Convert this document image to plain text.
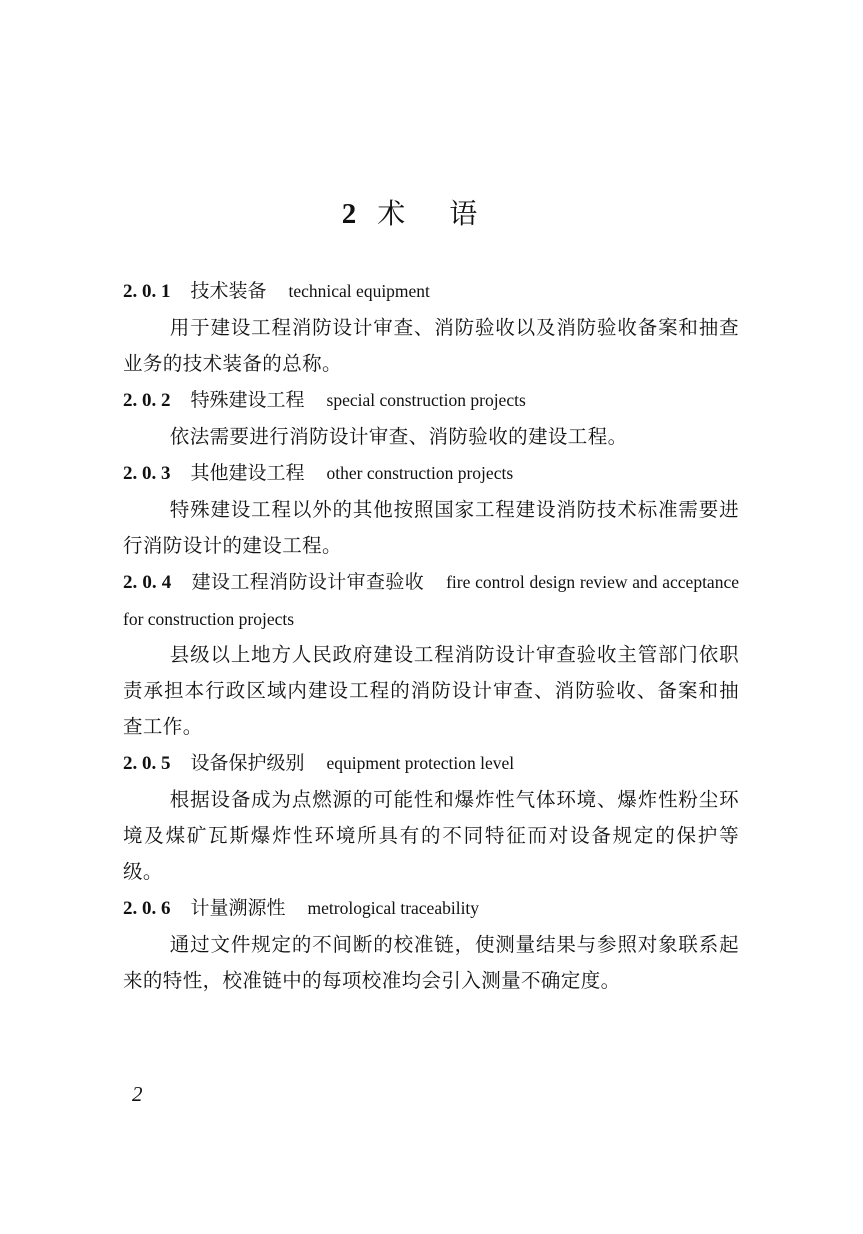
2 术语
2. 0. 1 技术装备 technical equipment
用于建设工程消防设计审查、消防验收以及消防验收备案和抽查业务的技术装备的总称。
2. 0. 2 特殊建设工程 special construction projects
依法需要进行消防设计审查、消防验收的建设工程。
2. 0. 3 其他建设工程 other construction projects
特殊建设工程以外的其他按照国家工程建设消防技术标准需要进行消防设计的建设工程。
2. 0. 4 建设工程消防设计审查验收 fire control design review and acceptance for construction projects
县级以上地方人民政府建设工程消防设计审查验收主管部门依职责承担本行政区域内建设工程的消防设计审查、消防验收、备案和抽查工作。
2. 0. 5 设备保护级别 equipment protection level
根据设备成为点燃源的可能性和爆炸性气体环境、爆炸性粉尘环境及煤矿瓦斯爆炸性环境所具有的不同特征而对设备规定的保护等级。
2. 0. 6 计量溯源性 metrological traceability
通过文件规定的不间断的校准链，使测量结果与参照对象联系起来的特性，校准链中的每项校准均会引入测量不确定度。
2
